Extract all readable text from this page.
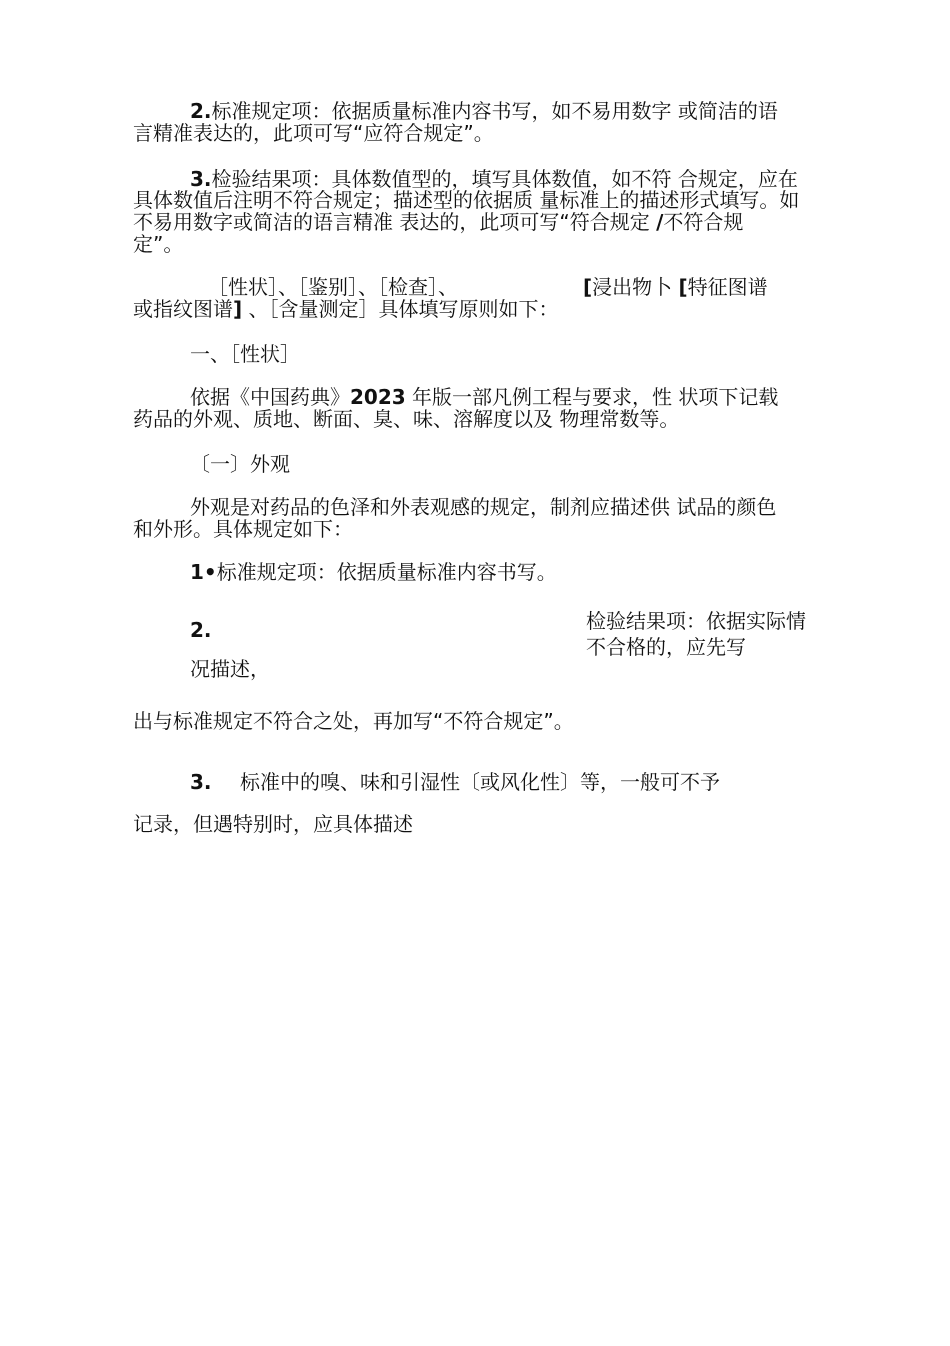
2.标准规定项：依据质量标准内容书写，如不易用数字 或简洁的语
言精准表达的，此项可写“应符合规定”。
3.检验结果项：具体数值型的，填写具体数值，如不符 合规定，应在
具体数值后注明不符合规定；描述型的依据质 量标准上的描述形式填写。如
不易用数字或简洁的语言精准 表达的，此项可写“符合规定 /不符合规
定”。
［性状］、［鉴别］、［检查］、	[浸出物卜 [特征图谱
或指纹图谱] 、［含量测定］具体填写原则如下：
一、［性状］
依据《中国药典》2023 年版一部凡例工程与要求，性 状项下记载
药品的外观、质地、断面、臭、味、溶解度以及 物理常数等。
〔一〕外观
外观是对药品的色泽和外表观感的规定，制剂应描述供 试品的颜色
和外形。具体规定如下：
1•标准规定项：依据质量标准内容书写。
2.	检验结果项：依据实际情
不合格的，应先写
况描述，
出与标准规定不符合之处，再加写“不符合规定”。
3. 标准中的嗅、味和引湿性〔或风化性〕等，一般可不予
记录，但遇特别时，应具体描述
